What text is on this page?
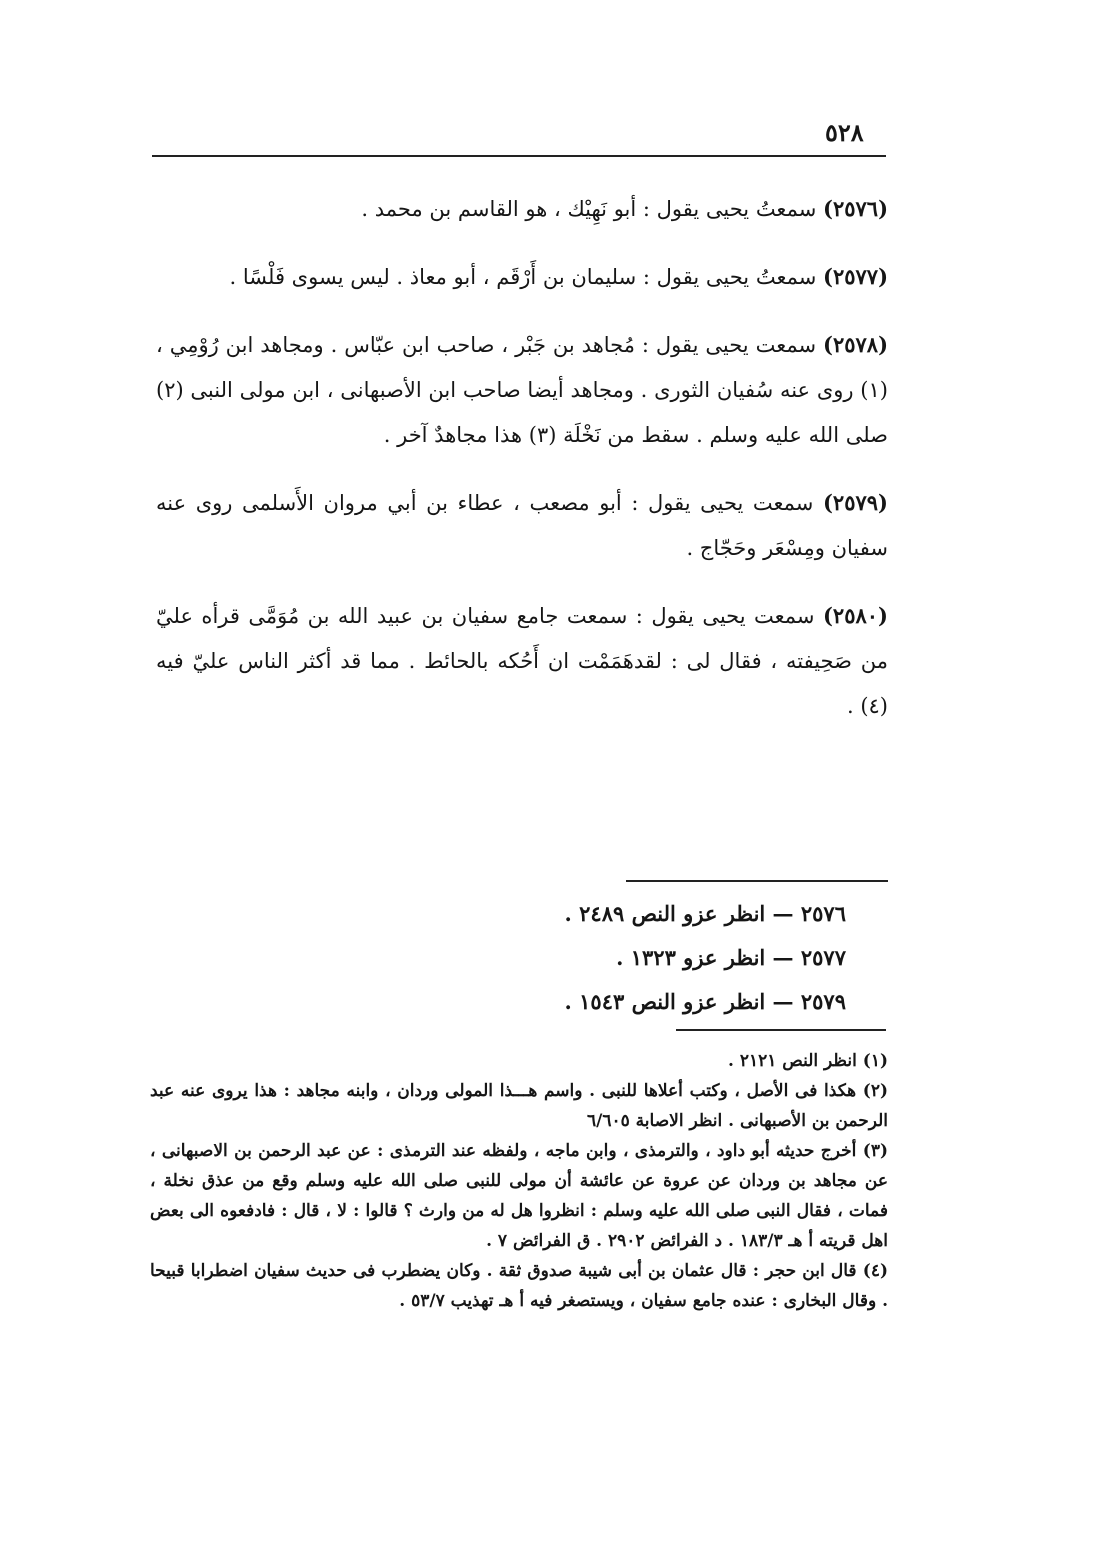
٥٢٨

(٢٥٧٦) سمعتُ يحيى يقول : أبو نَهِيْك ، هو القاسم بن محمد .

(٢٥٧٧) سمعتُ يحيى يقول : سليمان بن أَرْقَم ، أبو معاذ . ليس يسوى فَلْسًا .

(٢٥٧٨) سمعت يحيى يقول : مُجاهد بن جَبْر ، صاحب ابن عبّاس . ومجاهد ابن رُوْمِي ، (١) روى عنه سُفيان الثورى . ومجاهد أيضا صاحب ابن الأصبهانى ، ابن مولى النبى (٢) صلى الله عليه وسلم . سقط من نَخْلَة (٣) هذا مجاهدٌ آخر .

(٢٥٧٩) سمعت يحيى يقول : أبو مصعب ، عطاء بن أبي مروان الأَسلمى روى عنه سفيان ومِسْعَر وحَجّاج .

(٢٥٨٠) سمعت يحيى يقول : سمعت جامع سفيان بن عبيد الله بن مُوَمَّى قرأه عليّ من صَحِيفته ، فقال لى : لقدهَمَمْت ان أَحُكه بالحائط . مما قد أكثر الناس عليّ فيه (٤) .

٢٥٧٦ — انظر عزو النص ٢٤٨٩ .
٢٥٧٧ — انظر عزو ١٣٢٣ .
٢٥٧٩ — انظر عزو النص ١٥٤٣ .

(١) انظر النص ٢١٢١ .

(٢) هكذا فى الأصل ، وكتب أعلاها للنبى . واسم هـــذا المولى وردان ، وابنه مجاهد : هذا يروى عنه عبد الرحمن بن الأصبهانى . انظر الاصابة ٦/٦٠٥

(٣) أخرج حديثه أبو داود ، والترمذى ، وابن ماجه ، ولفظه عند الترمذى : عن عبد الرحمن بن الاصبهانى ، عن مجاهد بن وردان عن عروة عن عائشة أن مولى للنبى صلى الله عليه وسلم وقع من عذق نخلة ، فمات ، فقال النبى صلى الله عليه وسلم : انظروا هل له من وارث ؟ قالوا : لا ، قال : فادفعوه الى بعض اهل قريته أ هـ ١٨٣/٣ . د الفرائض ٢٩٠٢ . ق الفرائض ٧ .

(٤) قال ابن حجر : قال عثمان بن أبى شيبة صدوق ثقة . وكان يضطرب فى حديث سفيان اضطرابا قبيحا . وقال البخارى : عنده جامع سفيان ، ويستصغر فيه أ هـ تهذيب ٥٣/٧ .
